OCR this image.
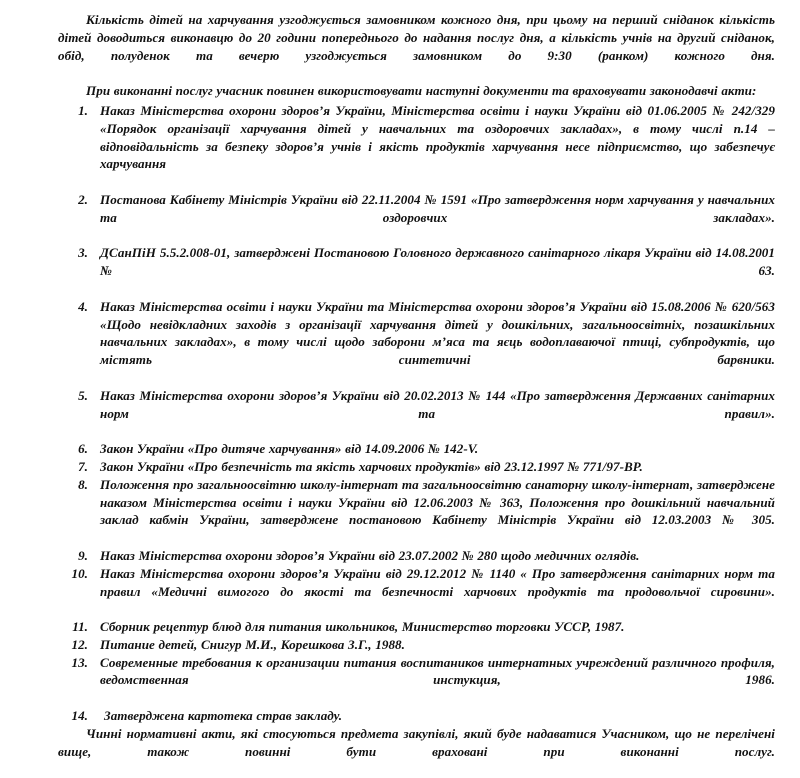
Кількість дітей на харчування узгоджується замовником кожного дня, при цьому на перший сніданок кількість дітей доводиться виконавцю до 20 години попереднього до надання послуг дня, а кількість учнів на другий сніданок, обід, полуденок та вечерю узгоджується замовником до 9:30 (ранком) кожного дня.

При виконанні послуг учасник повинен використовувати наступні документи та враховувати законодавчі акти:

1. Наказ Міністерства охорони здоров’я України, Міністерства освіти і науки України від 01.06.2005 № 242/329 «Порядок організації харчування дітей у навчальних та оздоровчих закладах», в тому числі п.14 – відповідальність за безпеку здоров’я учнів і якість продуктів харчування несе підприємство, що забезпечує харчування
2. Постанова Кабінету Міністрів України від 22.11.2004 № 1591 «Про затвердження норм харчування у навчальних та оздоровчих закладах».
3. ДСанПіН 5.5.2.008-01, затверджені Постановою Головного державного санітарного лікаря України від 14.08.2001 № 63.
4. Наказ Міністерства освіти і науки України та Міністерства охорони здоров’я України від 15.08.2006 № 620/563 «Щодо невідкладних заходів з організації харчування дітей у дошкільних, загальноосвітніх, позашкільних навчальних закладах», в тому числі щодо заборони м’яса та яєць водоплаваючої птиці, субпродуктів, що містять синтетичні барвники.
5. Наказ Міністерства охорони здоров’я України від 20.02.2013 № 144 «Про затвердження Державних санітарних норм та правил».
6. Закон України «Про дитяче харчування» від 14.09.2006 № 142-V.
7. Закон України «Про безпечність та якість харчових продуктів» від 23.12.1997 № 771/97-ВР.
8. Положення про загальноосвітню школу-інтернат та загальноосвітню санаторну школу-інтернат, затверджене наказом Міністерства освіти і науки України від 12.06.2003 № 363, Положення про дошкільний навчальний заклад кабмін України, затверджене постановою Кабінету Міністрів України від 12.03.2003 № 305.
9. Наказ Міністерства охорони здоров’я України від 23.07.2002 № 280 щодо медичних оглядів.
10. Наказ Міністерства охорони здоров’я України від 29.12.2012 № 1140 « Про затвердження санітарних норм та правил «Медичні вимогого до якості та безпечності харчових продуктів та продовольчої сировини».
11. Сборник рецептур блюд для питания школьников, Министерство торговки УССР, 1987.
12. Питание детей, Снигур М.И., Корешкова З.Г., 1988.
13. Современные требования к организации питания воспитаников интернатных учреждений различного профиля, ведомственная инстукция, 1986.
14.	Затверджена картотека страв закладу.

Чинні нормативні акти, які стосуються предмета закупівлі, який буде надаватися Учасником, що не перелічені вище, також повинні бути враховані при виконанні послуг.
